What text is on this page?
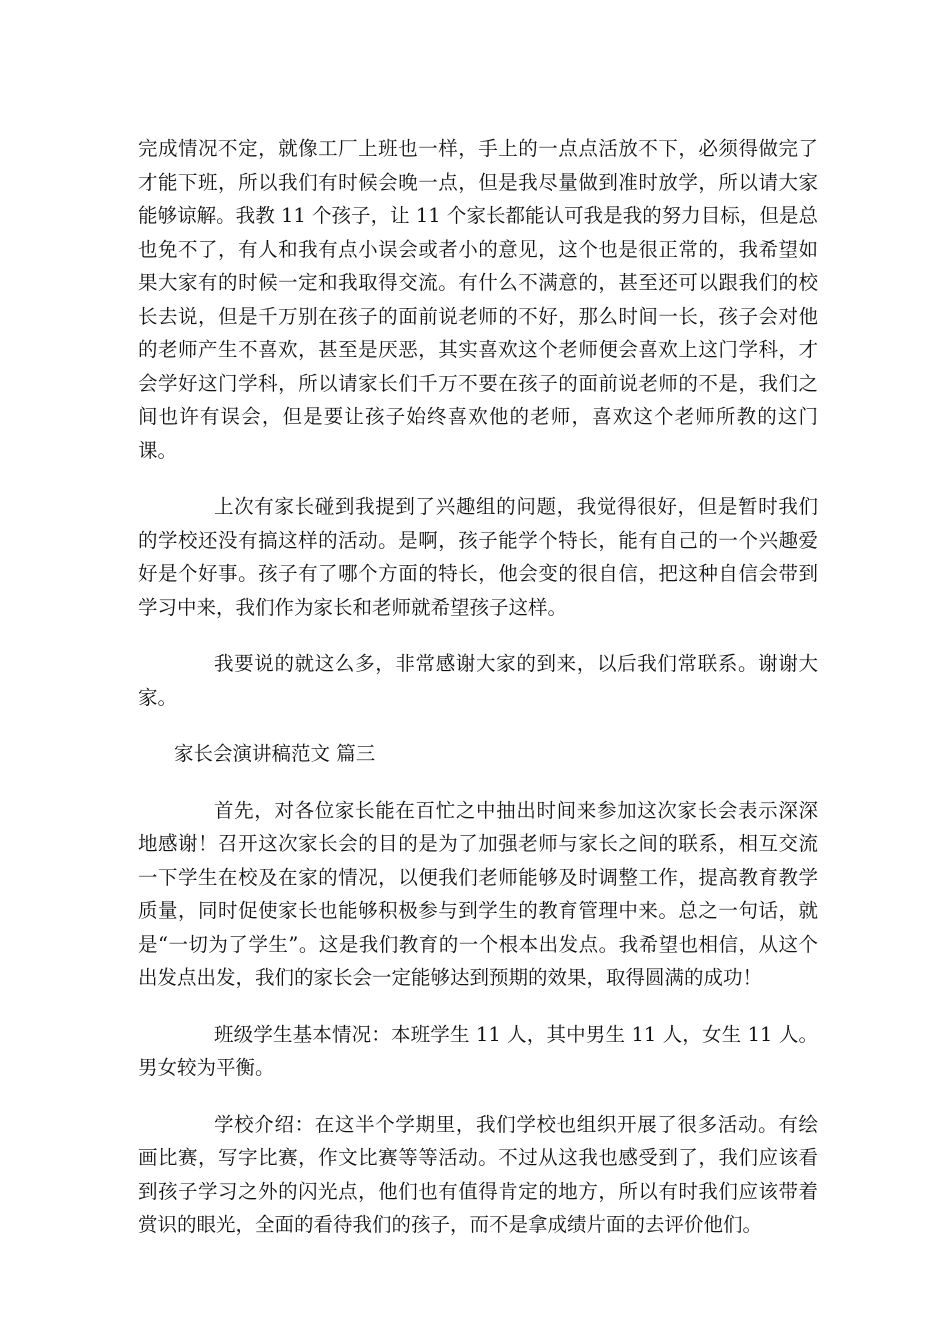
完成情况不定，就像工厂上班也一样，手上的一点点活放不下，必须得做完了才能下班，所以我们有时候会晚一点，但是我尽量做到准时放学，所以请大家能够谅解。我教 11 个孩子，让 11 个家长都能认可我是我的努力目标，但是总也免不了，有人和我有点小误会或者小的意见，这个也是很正常的，我希望如果大家有的时候一定和我取得交流。有什么不满意的，甚至还可以跟我们的校长去说，但是千万别在孩子的面前说老师的不好，那么时间一长，孩子会对他的老师产生不喜欢，甚至是厌恶，其实喜欢这个老师便会喜欢上这门学科，才会学好这门学科，所以请家长们千万不要在孩子的面前说老师的不是，我们之间也许有误会，但是要让孩子始终喜欢他的老师，喜欢这个老师所教的这门课。

上次有家长碰到我提到了兴趣组的问题，我觉得很好，但是暂时我们的学校还没有搞这样的活动。是啊，孩子能学个特长，能有自己的一个兴趣爱好是个好事。孩子有了哪个方面的特长，他会变的很自信，把这种自信会带到学习中来，我们作为家长和老师就希望孩子这样。

我要说的就这么多，非常感谢大家的到来，以后我们常联系。谢谢大家。

家长会演讲稿范文 篇三

首先，对各位家长能在百忙之中抽出时间来参加这次家长会表示深深地感谢！召开这次家长会的目的是为了加强老师与家长之间的联系，相互交流一下学生在校及在家的情况，以便我们老师能够及时调整工作，提高教育教学质量，同时促使家长也能够积极参与到学生的教育管理中来。总之一句话，就是“一切为了学生”。这是我们教育的一个根本出发点。我希望也相信，从这个出发点出发，我们的家长会一定能够达到预期的效果，取得圆满的成功！

班级学生基本情况：本班学生 11 人，其中男生 11 人，女生 11 人。男女较为平衡。

学校介绍：在这半个学期里，我们学校也组织开展了很多活动。有绘画比赛，写字比赛，作文比赛等等活动。不过从这我也感受到了，我们应该看到孩子学习之外的闪光点，他们也有值得肯定的地方，所以有时我们应该带着赏识的眼光，全面的看待我们的孩子，而不是拿成绩片面的去评价他们。
